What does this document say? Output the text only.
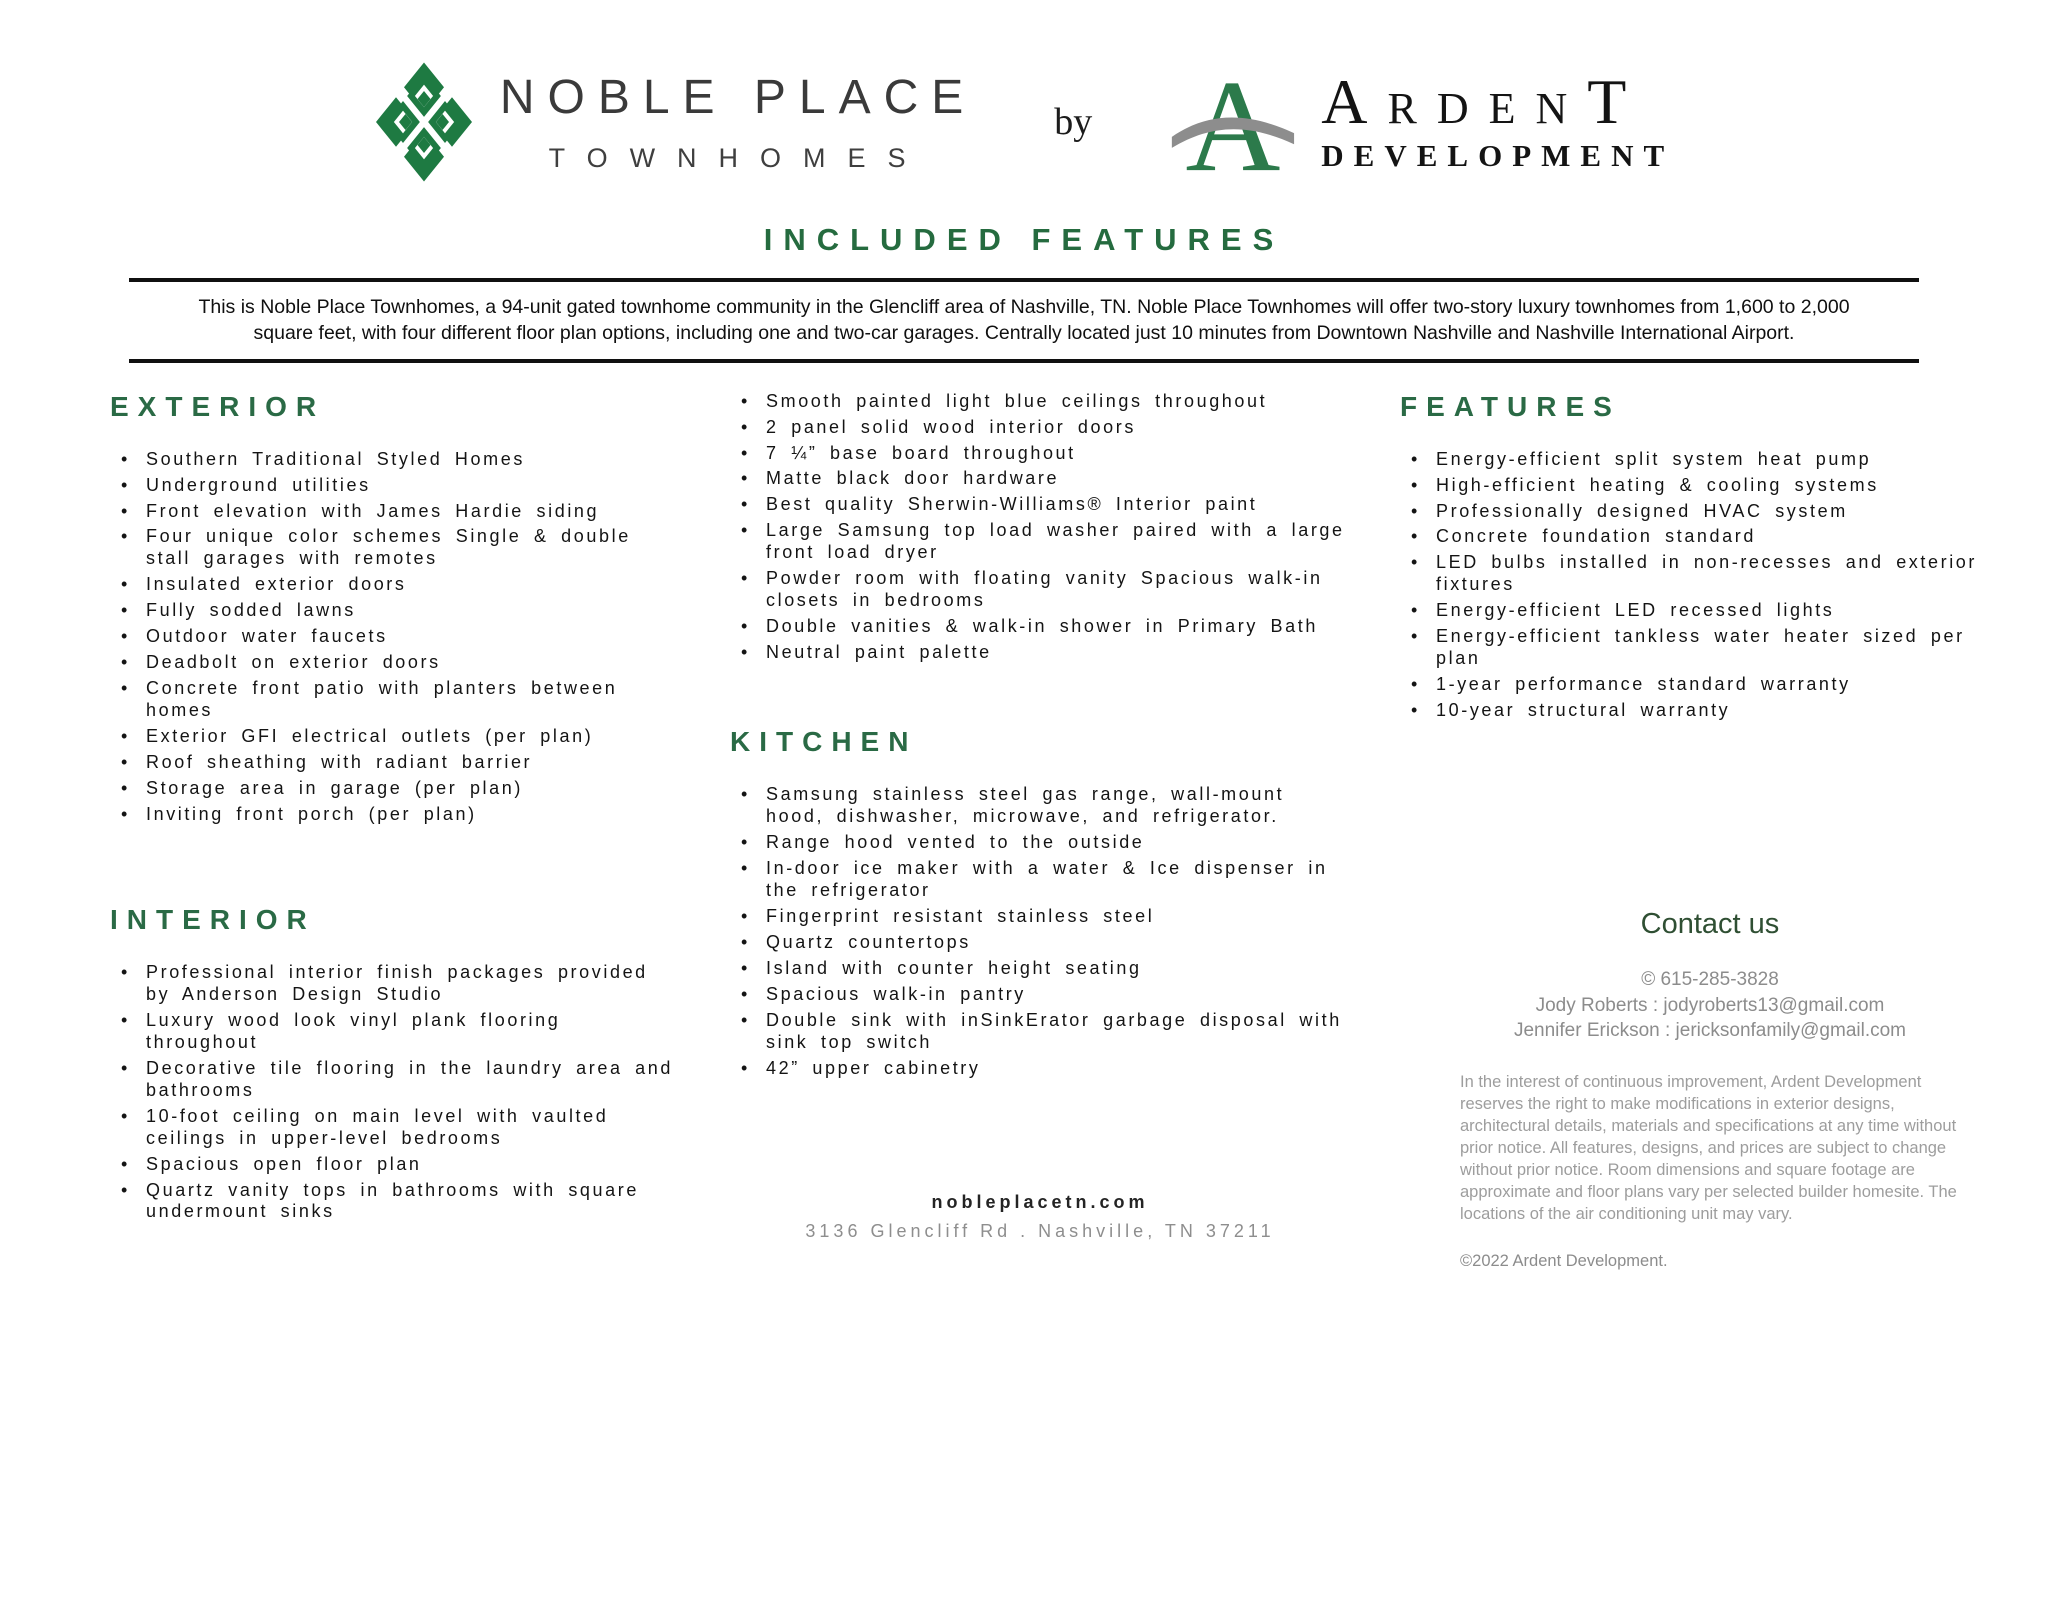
NOBLE PLACE
TOWNHOMES
by A ARDENT
DEVELOPMENT
INCLUDED FEATURES
This is Noble Place Townhomes, a 94-unit gated townhome community in the Glencliff area of Nashville, TN. Noble Place Townhomes will offer two-story luxury townhomes from 1,600 to 2,000 square feet, with four different floor plan options, including one and two-car garages. Centrally located just 10 minutes from Downtown Nashville and Nashville International Airport.
EXTERIOR
• Southern Traditional Styled Homes
• Underground utilities
• Front elevation with James Hardie siding
• Four unique color schemes Single & double stall garages with remotes
• Insulated exterior doors
• Fully sodded lawns
• Outdoor water faucets
• Deadbolt on exterior doors
• Concrete front patio with planters between homes
• Exterior GFI electrical outlets (per plan)
• Roof sheathing with radiant barrier
• Storage area in garage (per plan)
• Inviting front porch (per plan)
INTERIOR
• Professional interior finish packages provided by Anderson Design Studio
• Luxury wood look vinyl plank flooring throughout
• Decorative tile flooring in the laundry area and bathrooms
• 10-foot ceiling on main level with vaulted ceilings in upper-level bedrooms
• Spacious open floor plan
• Quartz vanity tops in bathrooms with square undermount sinks
• Smooth painted light blue ceilings throughout
• 2 panel solid wood interior doors
• 7 ¼” base board throughout
• Matte black door hardware
• Best quality Sherwin-Williams® Interior paint
• Large Samsung top load washer paired with a large front load dryer
• Powder room with floating vanity Spacious walk-in closets in bedrooms
• Double vanities & walk-in shower in Primary Bath
• Neutral paint palette
KITCHEN
• Samsung stainless steel gas range, wall-mount hood, dishwasher, microwave, and refrigerator.
• Range hood vented to the outside
• In-door ice maker with a water & Ice dispenser in the refrigerator
• Fingerprint resistant stainless steel
• Quartz countertops
• Island with counter height seating
• Spacious walk-in pantry
• Double sink with inSinkErator garbage disposal with sink top switch
• 42” upper cabinetry
nobleplacetn.com
3136 Glencliff Rd . Nashville, TN 37211
FEATURES
• Energy-efficient split system heat pump
• High-efficient heating & cooling systems
• Professionally designed HVAC system
• Concrete foundation standard
• LED bulbs installed in non-recesses and exterior fixtures
• Energy-efficient LED recessed lights
• Energy-efficient tankless water heater sized per plan
• 1-year performance standard warranty
• 10-year structural warranty
Contact us
© 615-285-3828
Jody Roberts : jodyroberts13@gmail.com
Jennifer Erickson : jericksonfamily@gmail.com
In the interest of continuous improvement, Ardent Development reserves the right to make modifications in exterior designs, architectural details, materials and specifications at any time without prior notice. All features, designs, and prices are subject to change without prior notice. Room dimensions and square footage are approximate and floor plans vary per selected builder homesite. The locations of the air conditioning unit may vary.
©2022 Ardent Development.
